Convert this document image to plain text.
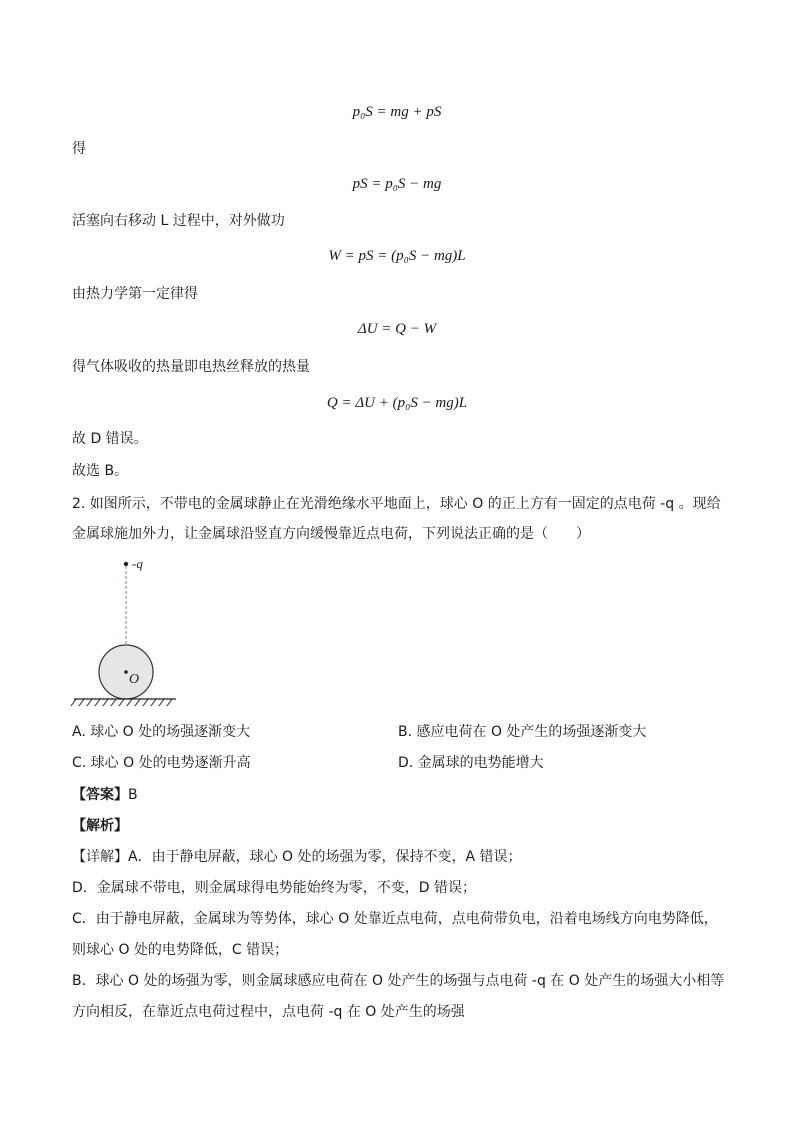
p₀S = mg + pS
得
pS = p₀S − mg
活塞向右移动 L 过程中，对外做功
W = pS = (p₀S − mg)L
由热力学第一定律得
ΔU = Q − W
得气体吸收的热量即电热丝释放的热量
Q = ΔU + (p₀S − mg)L
故 D 错误。
故选 B。
2. 如图所示，不带电的金属球静止在光滑绝缘水平地面上，球心 O 的正上方有一固定的点电荷 -q 。现给
金属球施加外力，让金属球沿竖直方向缓慢靠近点电荷，下列说法正确的是（　　）
-q
O
A. 球心 O 处的场强逐渐变大	B. 感应电荷在 O 处产生的场强逐渐变大
C. 球心 O 处的电势逐渐升高	D. 金属球的电势能增大
【答案】B
【解析】
【详解】A．由于静电屏蔽，球心 O 处的场强为零，保持不变，A 错误；
D．金属球不带电，则金属球得电势能始终为零，不变，D 错误；
C．由于静电屏蔽，金属球为等势体，球心 O 处靠近点电荷，点电荷带负电，沿着电场线方向电势降低，
则球心 O 处的电势降低，C 错误；
B．球心 O 处的场强为零，则金属球感应电荷在 O 处产生的场强与点电荷 -q 在 O 处产生的场强大小相等
方向相反，在靠近点电荷过程中，点电荷 -q 在 O 处产生的场强
